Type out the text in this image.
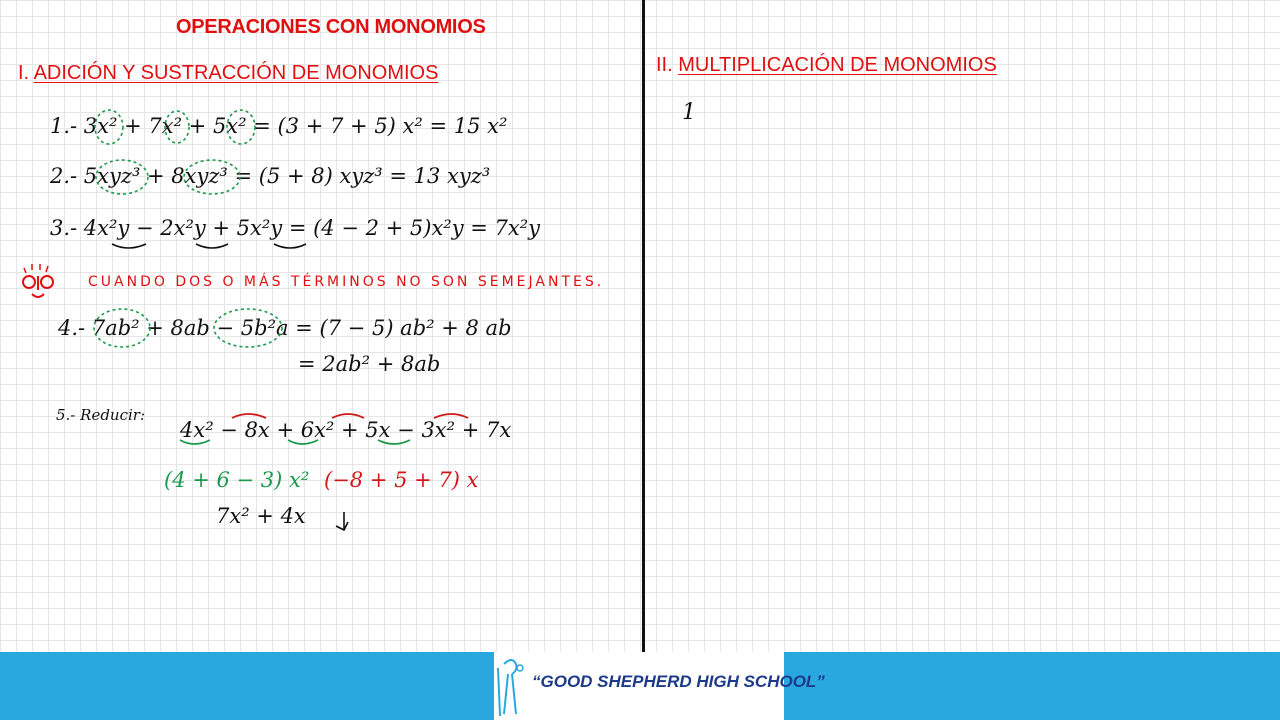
OPERACIONES CON MONOMIOS
I. ADICIÓN Y SUSTRACCIÓN DE MONOMIOS	II. MULTIPLICACIÓN DE MONOMIOS
1
1.- 3x² + 7x² + 5x² = (3 + 7 + 5) x² = 15 x²
2.- 5xyz³ + 8xyz³ = (5 + 8) xyz³ = 13 xyz³
3.- 4x²y − 2x²y + 5x²y = (4 − 2 + 5)x²y = 7x²y
CUANDO DOS O MÁS TÉRMINOS NO SON SEMEJANTES.
4.- 7ab² + 8ab − 5b²a = (7 − 5) ab² + 8 ab
= 2ab² + 8ab
5.- Reducir:
4x² − 8x + 6x² + 5x − 3x² + 7x
(4 + 6 − 3) x² (−8 + 5 + 7) x
7x² + 4x
“GOOD SHEPHERD HIGH SCHOOL”
